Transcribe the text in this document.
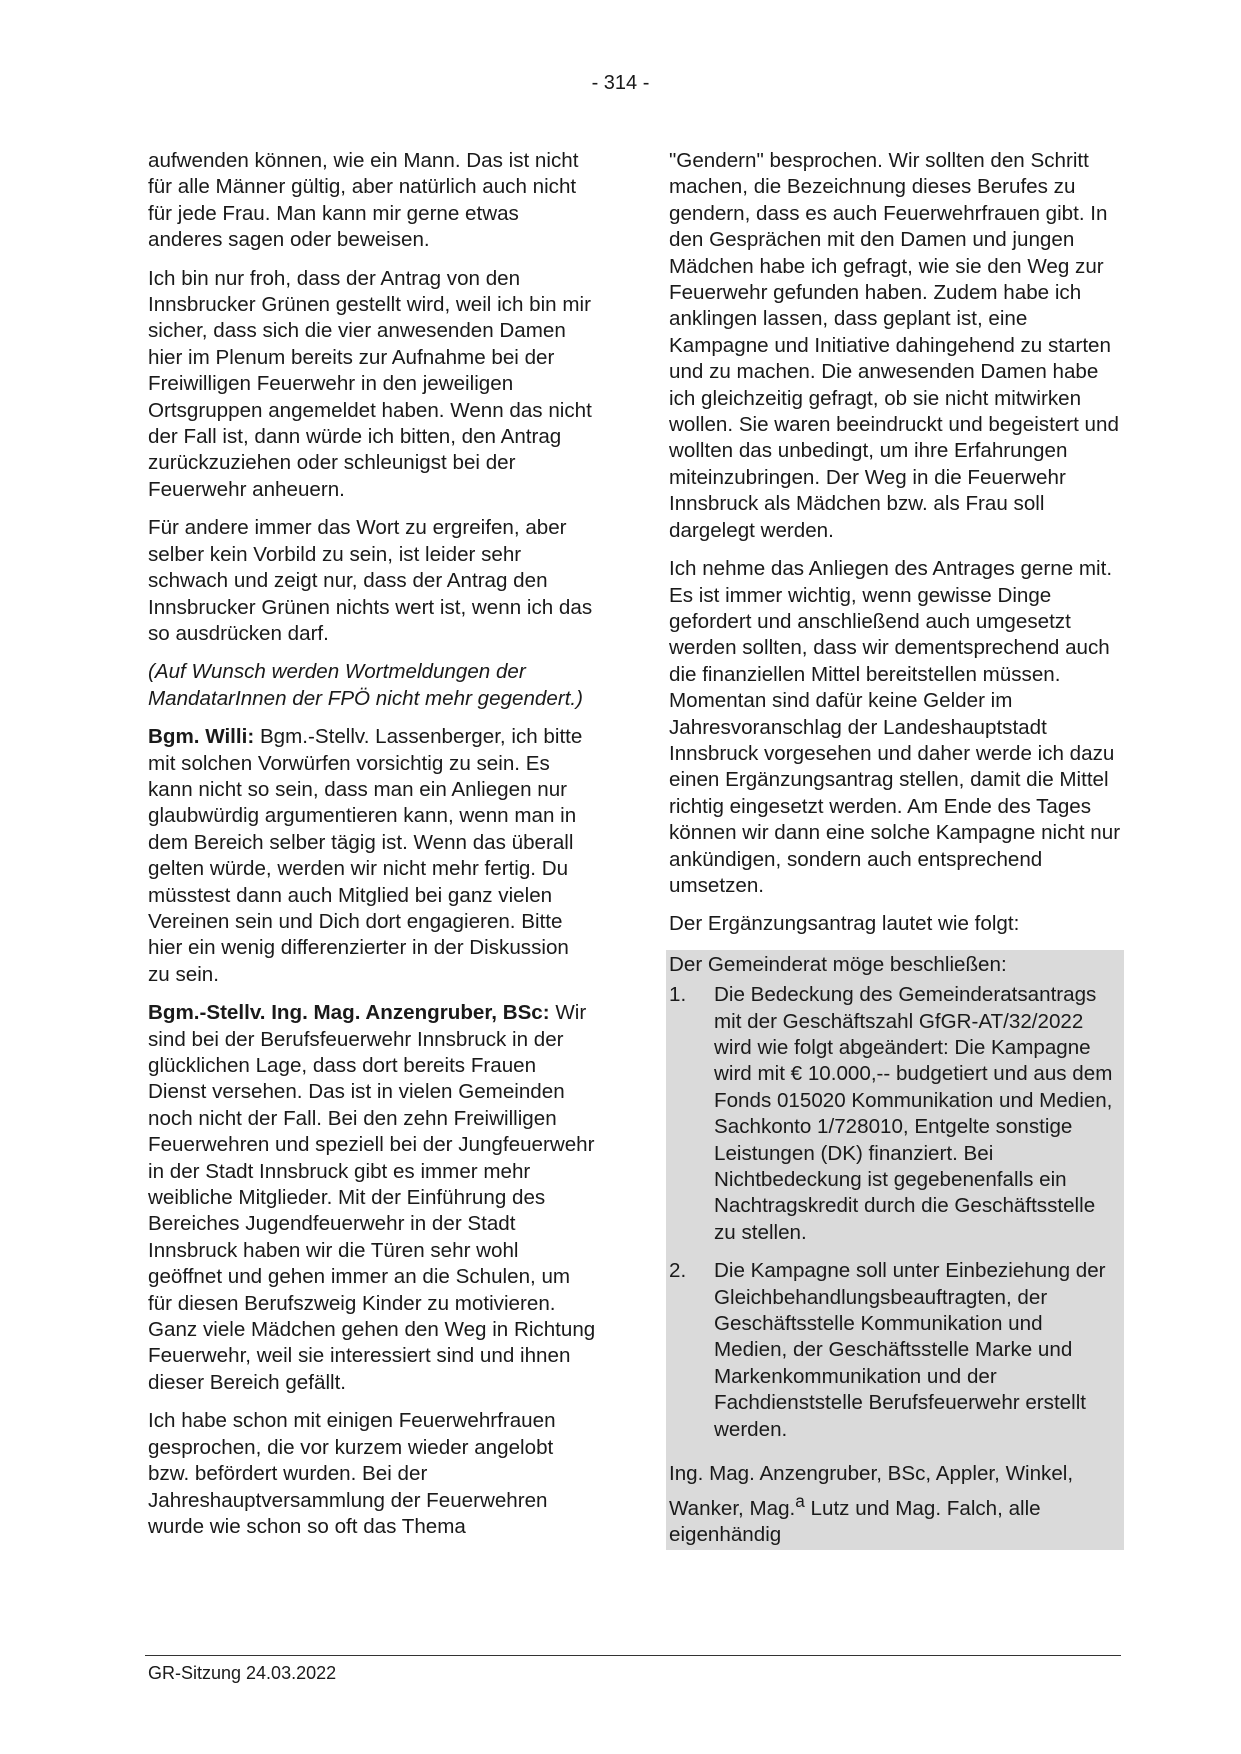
- 314 -

aufwenden können, wie ein Mann. Das ist nicht für alle Männer gültig, aber natürlich auch nicht für jede Frau. Man kann mir gerne etwas anderes sagen oder beweisen.

Ich bin nur froh, dass der Antrag von den Innsbrucker Grünen gestellt wird, weil ich bin mir sicher, dass sich die vier anwesenden Damen hier im Plenum bereits zur Aufnahme bei der Freiwilligen Feuerwehr in den jeweiligen Ortsgruppen angemeldet haben. Wenn das nicht der Fall ist, dann würde ich bitten, den Antrag zurückzuziehen oder schleunigst bei der Feuerwehr anheuern.

Für andere immer das Wort zu ergreifen, aber selber kein Vorbild zu sein, ist leider sehr schwach und zeigt nur, dass der Antrag den Innsbrucker Grünen nichts wert ist, wenn ich das so ausdrücken darf.

(Auf Wunsch werden Wortmeldungen der MandatarInnen der FPÖ nicht mehr gegendert.)

Bgm. Willi: Bgm.-Stellv. Lassenberger, ich bitte mit solchen Vorwürfen vorsichtig zu sein. Es kann nicht so sein, dass man ein Anliegen nur glaubwürdig argumentieren kann, wenn man in dem Bereich selber tägig ist. Wenn das überall gelten würde, werden wir nicht mehr fertig. Du müsstest dann auch Mitglied bei ganz vielen Vereinen sein und Dich dort engagieren. Bitte hier ein wenig differenzierter in der Diskussion zu sein.

Bgm.-Stellv. Ing. Mag. Anzengruber, BSc: Wir sind bei der Berufsfeuerwehr Innsbruck in der glücklichen Lage, dass dort bereits Frauen Dienst versehen. Das ist in vielen Gemeinden noch nicht der Fall. Bei den zehn Freiwilligen Feuerwehren und speziell bei der Jungfeuerwehr in der Stadt Innsbruck gibt es immer mehr weibliche Mitglieder. Mit der Einführung des Bereiches Jugendfeuerwehr in der Stadt Innsbruck haben wir die Türen sehr wohl geöffnet und gehen immer an die Schulen, um für diesen Berufszweig Kinder zu motivieren. Ganz viele Mädchen gehen den Weg in Richtung Feuerwehr, weil sie interessiert sind und ihnen dieser Bereich gefällt.

Ich habe schon mit einigen Feuerwehrfrauen gesprochen, die vor kurzem wieder angelobt bzw. befördert wurden. Bei der Jahreshauptversammlung der Feuerwehren wurde wie schon so oft das Thema

"Gendern" besprochen. Wir sollten den Schritt machen, die Bezeichnung dieses Berufes zu gendern, dass es auch Feuerwehrfrauen gibt. In den Gesprächen mit den Damen und jungen Mädchen habe ich gefragt, wie sie den Weg zur Feuerwehr gefunden haben. Zudem habe ich anklingen lassen, dass geplant ist, eine Kampagne und Initiative dahingehend zu starten und zu machen. Die anwesenden Damen habe ich gleichzeitig gefragt, ob sie nicht mitwirken wollen. Sie waren beeindruckt und begeistert und wollten das unbedingt, um ihre Erfahrungen miteinzubringen. Der Weg in die Feuerwehr Innsbruck als Mädchen bzw. als Frau soll dargelegt werden.

Ich nehme das Anliegen des Antrages gerne mit. Es ist immer wichtig, wenn gewisse Dinge gefordert und anschließend auch umgesetzt werden sollten, dass wir dementsprechend auch die finanziellen Mittel bereitstellen müssen. Momentan sind dafür keine Gelder im Jahresvoranschlag der Landeshauptstadt Innsbruck vorgesehen und daher werde ich dazu einen Ergänzungsantrag stellen, damit die Mittel richtig eingesetzt werden. Am Ende des Tages können wir dann eine solche Kampagne nicht nur ankündigen, sondern auch entsprechend umsetzen.

Der Ergänzungsantrag lautet wie folgt:

Der Gemeinderat möge beschließen:

1.	Die Bedeckung des Gemeinderatsantrags mit der Geschäftszahl GfGR-AT/32/2022 wird wie folgt abgeändert: Die Kampagne wird mit € 10.000,-- budgetiert und aus dem Fonds 015020 Kommunikation und Medien, Sachkonto 1/728010, Entgelte sonstige Leistungen (DK) finanziert. Bei Nichtbedeckung ist gegebenenfalls ein Nachtragskredit durch die Geschäftsstelle zu stellen.
2.	Die Kampagne soll unter Einbeziehung der Gleichbehandlungsbeauftragten, der Geschäftsstelle Kommunikation und Medien, der Geschäftsstelle Marke und Markenkommunikation und der Fachdienststelle Berufsfeuerwehr erstellt werden.

Ing. Mag. Anzengruber, BSc, Appler, Winkel, Wanker, Mag.$^a$ Lutz und Mag. Falch, alle eigenhändig

GR-Sitzung 24.03.2022
